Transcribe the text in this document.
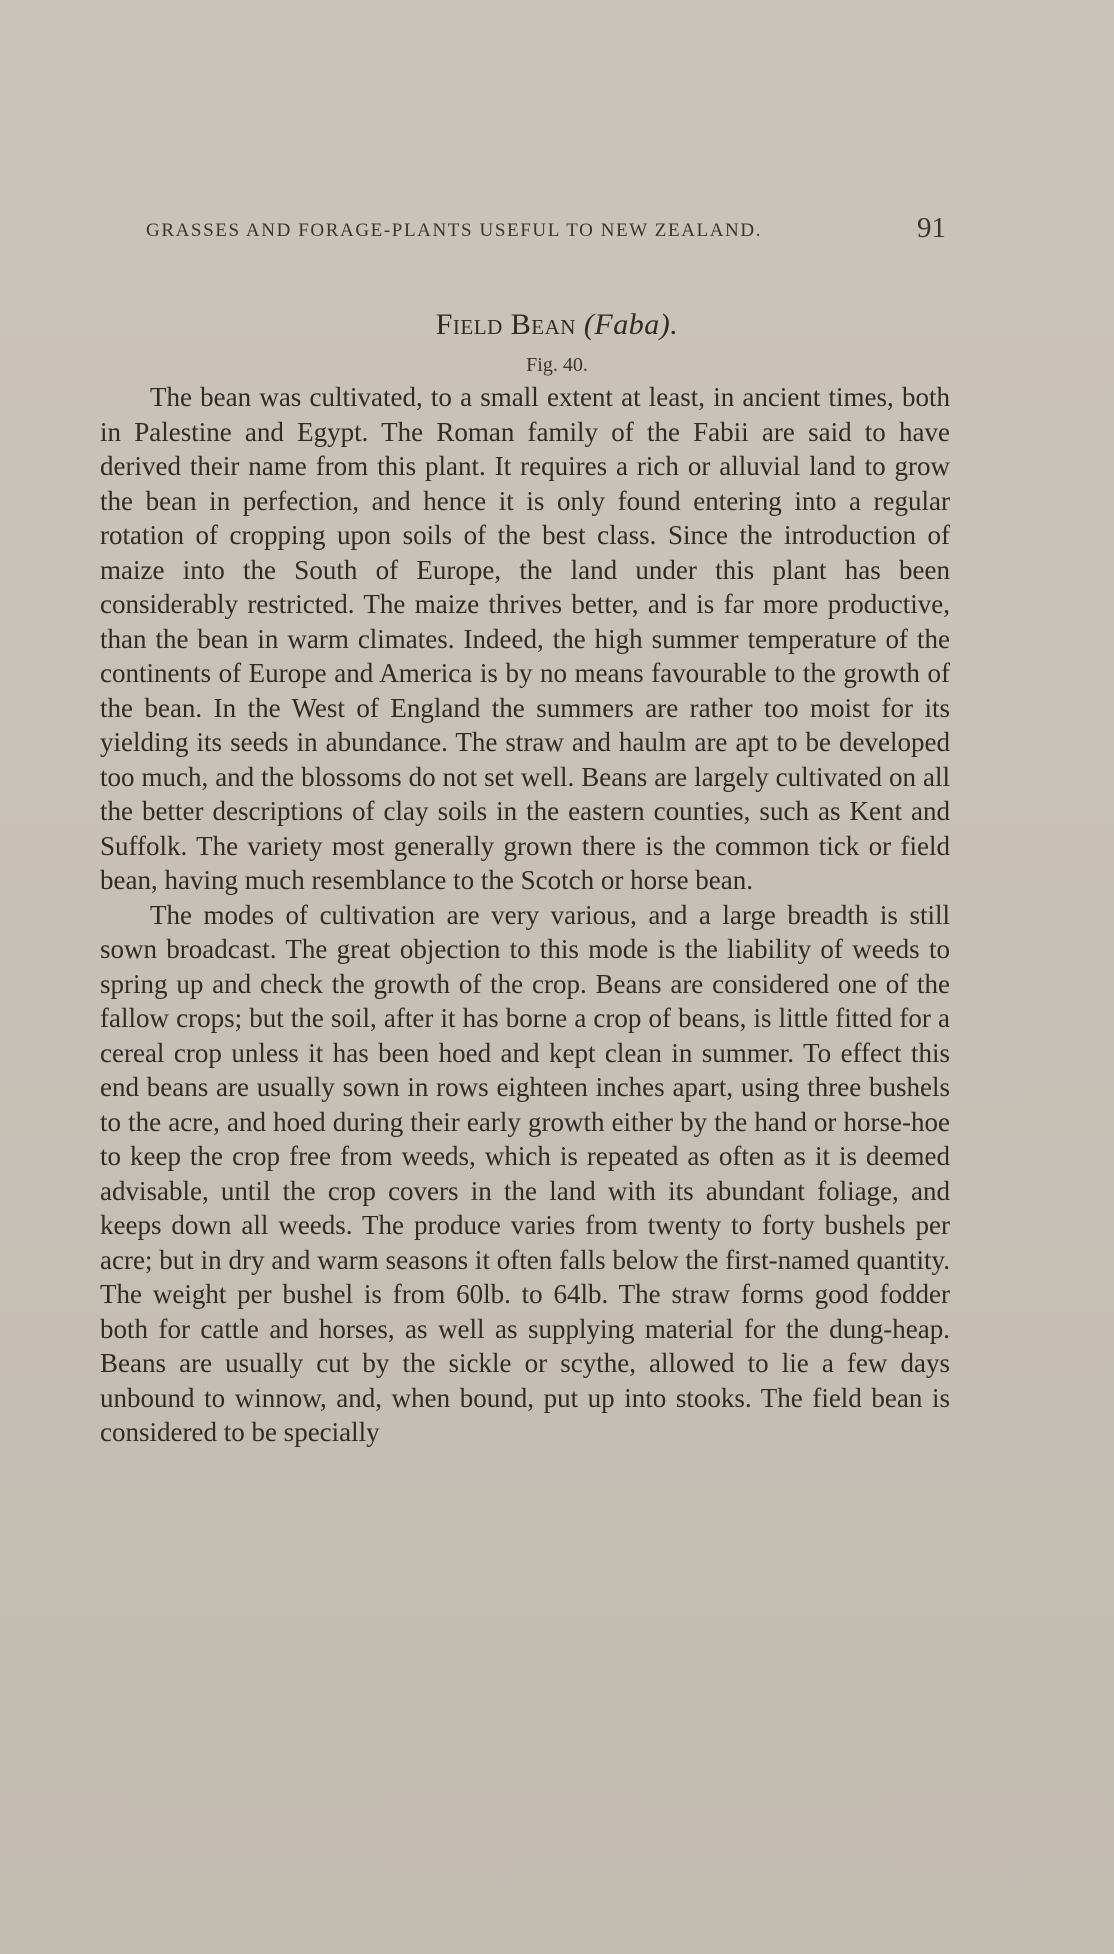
GRASSES AND FORAGE-PLANTS USEFUL TO NEW ZEALAND.	91
Field Bean (Faba).
Fig. 40.

The bean was cultivated, to a small extent at least, in ancient times, both in Palestine and Egypt. The Roman family of the Fabii are said to have derived their name from this plant. It requires a rich or alluvial land to grow the bean in perfection, and hence it is only found entering into a regular rotation of cropping upon soils of the best class. Since the introduction of maize into the South of Europe, the land under this plant has been considerably restricted. The maize thrives better, and is far more productive, than the bean in warm climates. Indeed, the high summer temperature of the continents of Europe and America is by no means favourable to the growth of the bean. In the West of England the summers are rather too moist for its yielding its seeds in abundance. The straw and haulm are apt to be developed too much, and the blossoms do not set well. Beans are largely cultivated on all the better descriptions of clay soils in the eastern counties, such as Kent and Suffolk. The variety most generally grown there is the common tick or field bean, having much resemblance to the Scotch or horse bean.

The modes of cultivation are very various, and a large breadth is still sown broadcast. The great objection to this mode is the liability of weeds to spring up and check the growth of the crop. Beans are considered one of the fallow crops; but the soil, after it has borne a crop of beans, is little fitted for a cereal crop unless it has been hoed and kept clean in summer. To effect this end beans are usually sown in rows eighteen inches apart, using three bushels to the acre, and hoed during their early growth either by the hand or horse-hoe to keep the crop free from weeds, which is repeated as often as it is deemed advisable, until the crop covers in the land with its abundant foliage, and keeps down all weeds. The produce varies from twenty to forty bushels per acre; but in dry and warm seasons it often falls below the first-named quantity. The weight per bushel is from 60lb. to 64lb. The straw forms good fodder both for cattle and horses, as well as supplying material for the dung-heap. Beans are usually cut by the sickle or scythe, allowed to lie a few days unbound to winnow, and, when bound, put up into stooks. The field bean is considered to be specially
